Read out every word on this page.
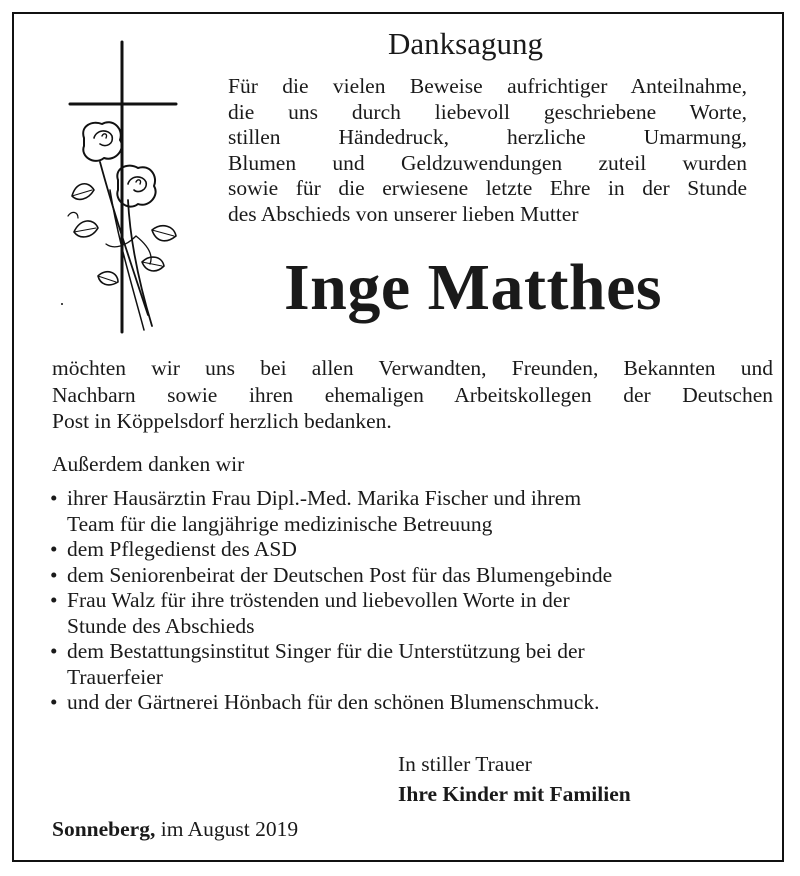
Danksagung
Für die vielen Beweise aufrichtiger Anteilnahme,
die uns durch liebevoll geschriebene Worte,
stillen Händedruck, herzliche Umarmung,
Blumen und Geldzuwendungen zuteil wurden
sowie für die erwiesene letzte Ehre in der Stunde
des Abschieds von unserer lieben Mutter
Inge Matthes
möchten wir uns bei allen Verwandten, Freunden, Bekannten und
Nachbarn sowie ihren ehemaligen Arbeitskollegen der Deutschen
Post in Köppelsdorf herzlich bedanken.
Außerdem danken wir
• ihrer Hausärztin Frau Dipl.-Med. Marika Fischer und ihrem
Team für die langjährige medizinische Betreuung
• dem Pflegedienst des ASD
• dem Seniorenbeirat der Deutschen Post für das Blumengebinde
• Frau Walz für ihre tröstenden und liebevollen Worte in der
Stunde des Abschieds
• dem Bestattungsinstitut Singer für die Unterstützung bei der
Trauerfeier
• und der Gärtnerei Hönbach für den schönen Blumenschmuck.
In stiller Trauer
Ihre Kinder mit Familien
Sonneberg, im August 2019
